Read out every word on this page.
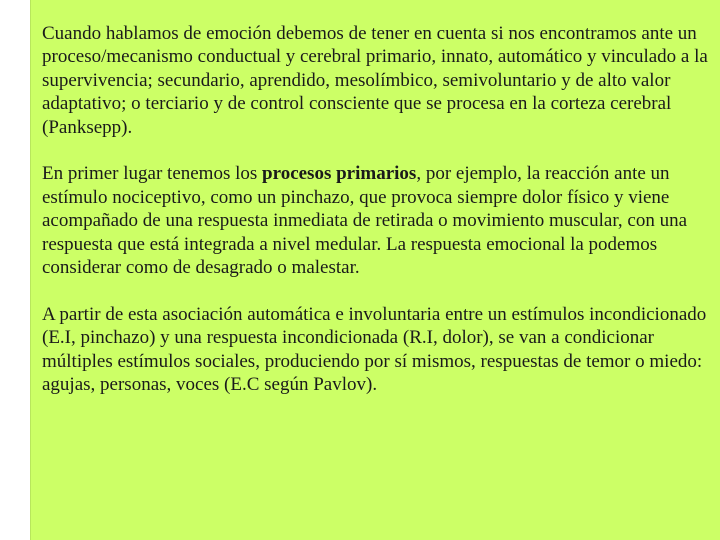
Cuando hablamos de emoción debemos de tener en cuenta si nos encontramos ante un proceso/mecanismo conductual y cerebral primario, innato, automático y vinculado a la supervivencia; secundario, aprendido, mesolímbico, semivoluntario y de alto valor adaptativo; o terciario y de control consciente que se procesa en la corteza cerebral (Panksepp).

En primer lugar tenemos los procesos primarios, por ejemplo, la reacción ante un estímulo nociceptivo, como un pinchazo, que provoca siempre dolor físico y viene acompañado de una respuesta inmediata de retirada o movimiento muscular, con una respuesta que está integrada a nivel medular. La respuesta emocional la podemos considerar como de desagrado o malestar.

A partir de esta asociación automática e involuntaria entre un estímulos incondicionado (E.I, pinchazo) y una respuesta incondicionada (R.I, dolor), se van a condicionar múltiples estímulos sociales, produciendo por sí mismos, respuestas de temor o miedo: agujas, personas, voces (E.C según Pavlov).
